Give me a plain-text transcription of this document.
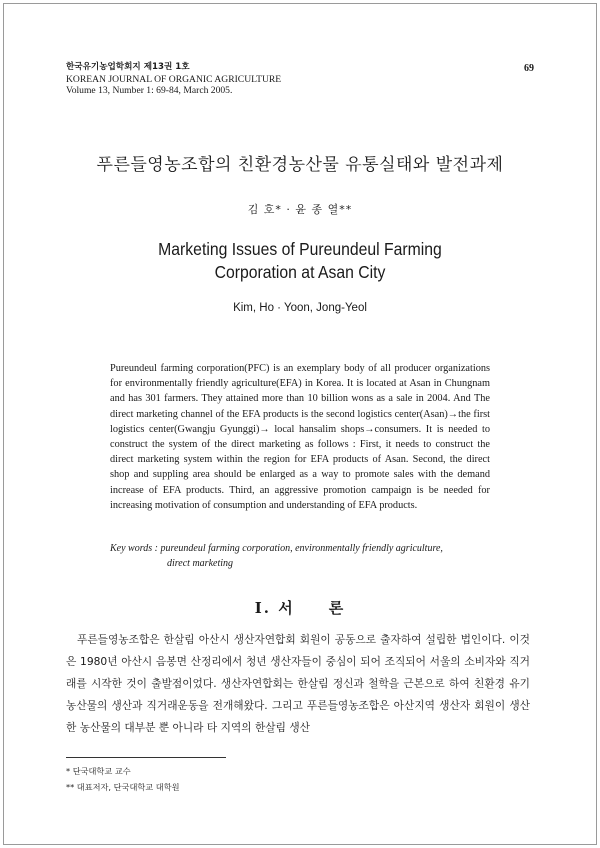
한국유기농업학회지 제13권 1호
KOREAN JOURNAL OF ORGANIC AGRICULTURE
Volume 13, Number 1: 69-84, March 2005.
69
푸른들영농조합의 친환경농산물 유통실태와 발전과제
김 호* · 윤 종 열**
Marketing Issues of Pureundeul Farming
Corporation at Asan City
Kim, Ho · Yoon, Jong-Yeol

Pureundeul farming corporation(PFC) is an exemplary body of all producer organizations for environmentally friendly agriculture(EFA) in Korea. It is located at Asan in Chungnam and has 301 farmers. They attained more than 10 billion wons as a sale in 2004. And The direct marketing channel of the EFA products is the second logistics center(Asan)→the first logistics center(Gwangju Gyunggi)→ local hansalim shops→consumers. It is needed to construct the system of the direct marketing as follows : First, it needs to construct the direct marketing system within the region for EFA products of Asan. Second, the direct shop and suppling area should be enlarged as a way to promote sales with the demand increase of EFA products. Third, an aggressive promotion campaign is be needed for increasing motivation of consumption and understanding of EFA products.

Key words : pureundeul farming corporation, environmentally friendly agriculture,
direct marketing
Ⅰ. 서　　론

푸른들영농조합은 한살림 아산시 생산자연합회 회원이 공동으로 출자하여 설립한 법인이다. 이것은 1980년 아산시 음봉면 산정리에서 청년 생산자들이 중심이 되어 조직되어 서울의 소비자와 직거래를 시작한 것이 출발점이었다. 생산자연합회는 한살림 정신과 철학을 근본으로 하여 친환경 유기농산물의 생산과 직거래운동을 전개해왔다. 그리고 푸른들영농조합은 아산지역 생산자 회원이 생산한 농산물의 대부분 뿐 아니라 타 지역의 한살림 생산

* 단국대학교 교수
** 대표저자, 단국대학교 대학원
